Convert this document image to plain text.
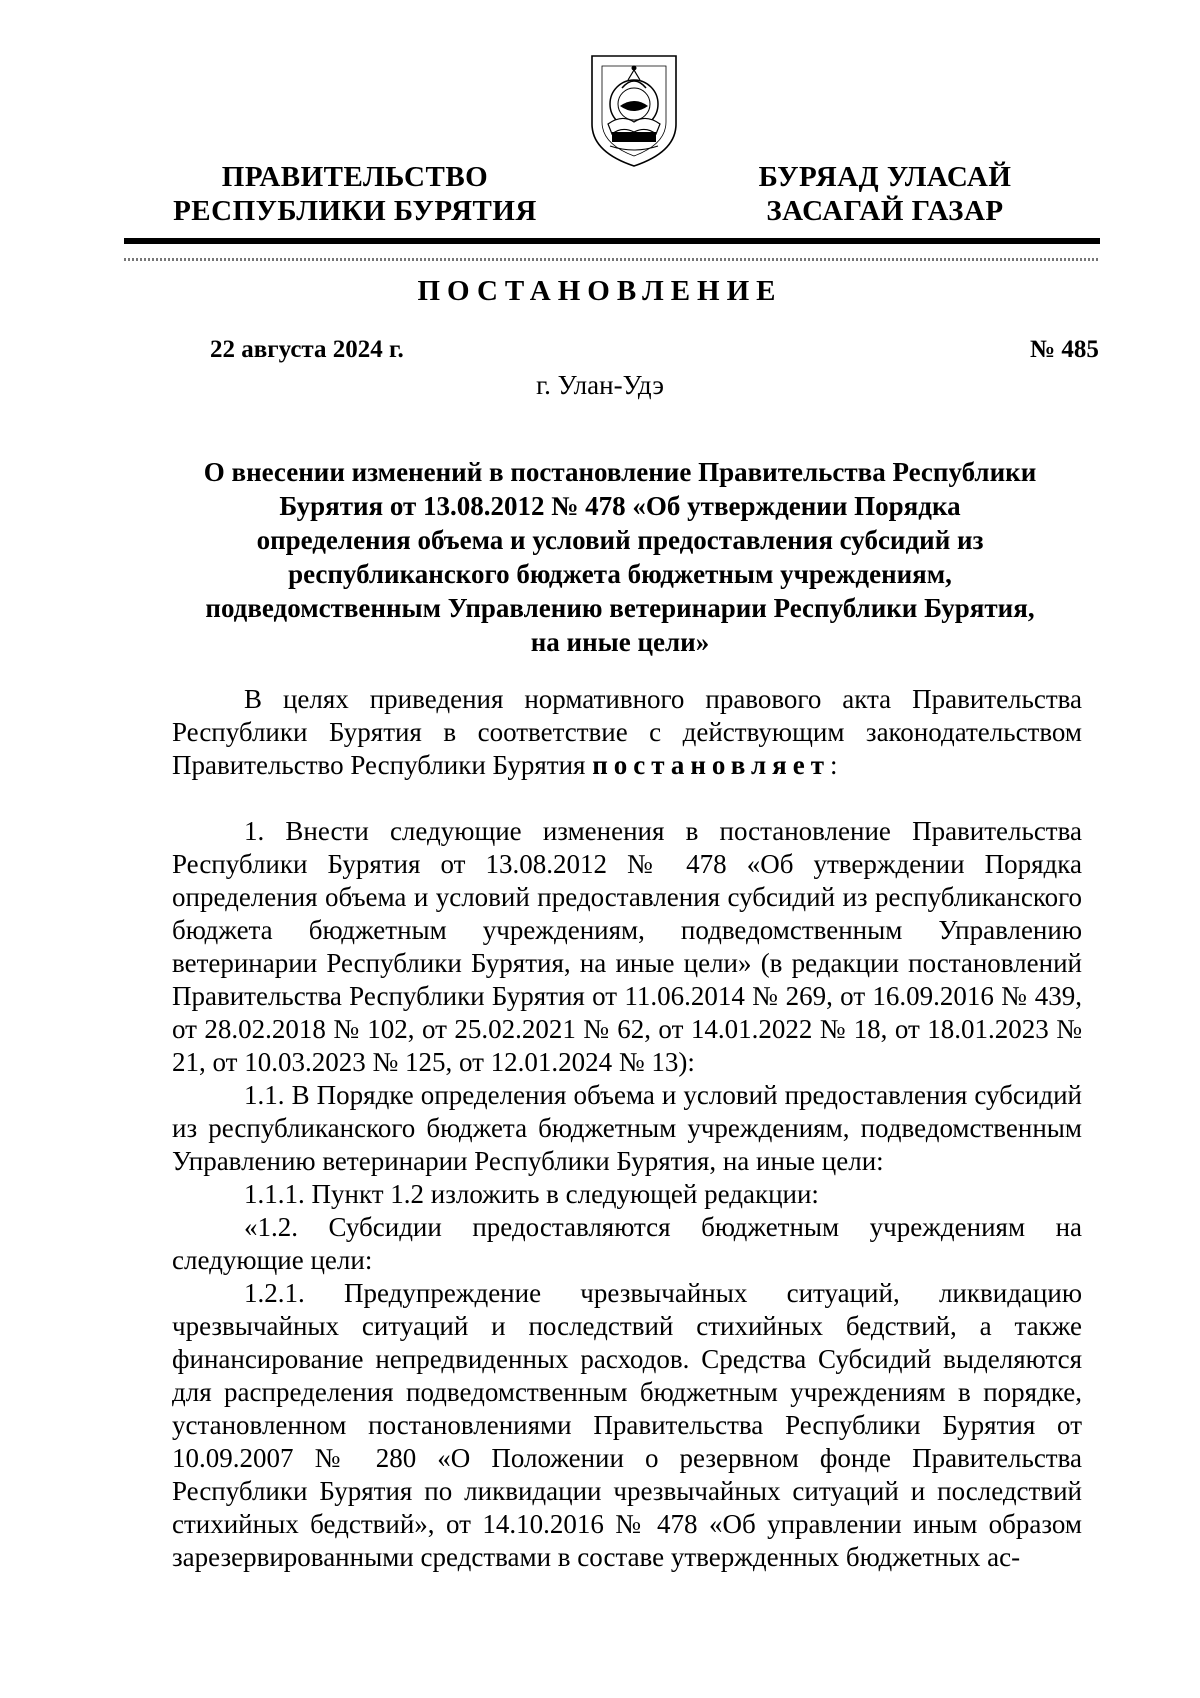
ПРАВИТЕЛЬСТВО
РЕСПУБЛИКИ БУРЯТИЯ
БУРЯАД УЛАСАЙ
ЗАСАГАЙ ГАЗАР
ПОСТАНОВЛЕНИЕ
22 августа 2024 г.	№ 485
г. Улан-Удэ
О внесении изменений в постановление Правительства Республики Бурятия от 13.08.2012 № 478 «Об утверждении Порядка определения объема и условий предоставления субсидий из республиканского бюджета бюджетным учреждениям, подведомственным Управлению ветеринарии Республики Бурятия, на иные цели»

В целях приведения нормативного правового акта Правительства Республики Бурятия в соответствие с действующим законодательством Правительство Республики Бурятия постановляет:

1. Внести следующие изменения в постановление Правительства Республики Бурятия от 13.08.2012 № 478 «Об утверждении Порядка определения объема и условий предоставления субсидий из республиканского бюджета бюджетным учреждениям, подведомственным Управлению ветеринарии Республики Бурятия, на иные цели» (в редакции постановлений Правительства Республики Бурятия от 11.06.2014 № 269, от 16.09.2016 № 439, от 28.02.2018 № 102, от 25.02.2021 № 62, от 14.01.2022 № 18, от 18.01.2023 № 21, от 10.03.2023 № 125, от 12.01.2024 № 13):

1.1. В Порядке определения объема и условий предоставления субсидий из республиканского бюджета бюджетным учреждениям, подведомственным Управлению ветеринарии Республики Бурятия, на иные цели:

1.1.1. Пункт 1.2 изложить в следующей редакции:

«1.2. Субсидии предоставляются бюджетным учреждениям на следующие цели:

1.2.1. Предупреждение чрезвычайных ситуаций, ликвидацию чрезвычайных ситуаций и последствий стихийных бедствий, а также финансирование непредвиденных расходов. Средства Субсидий выделяются для распределения подведомственным бюджетным учреждениям в порядке, установленном постановлениями Правительства Республики Бурятия от 10.09.2007 № 280 «О Положении о резервном фонде Правительства Республики Бурятия по ликвидации чрезвычайных ситуаций и последствий стихийных бедствий», от 14.10.2016 № 478 «Об управлении иным образом зарезервированными средствами в составе утвержденных бюджетных ас-
